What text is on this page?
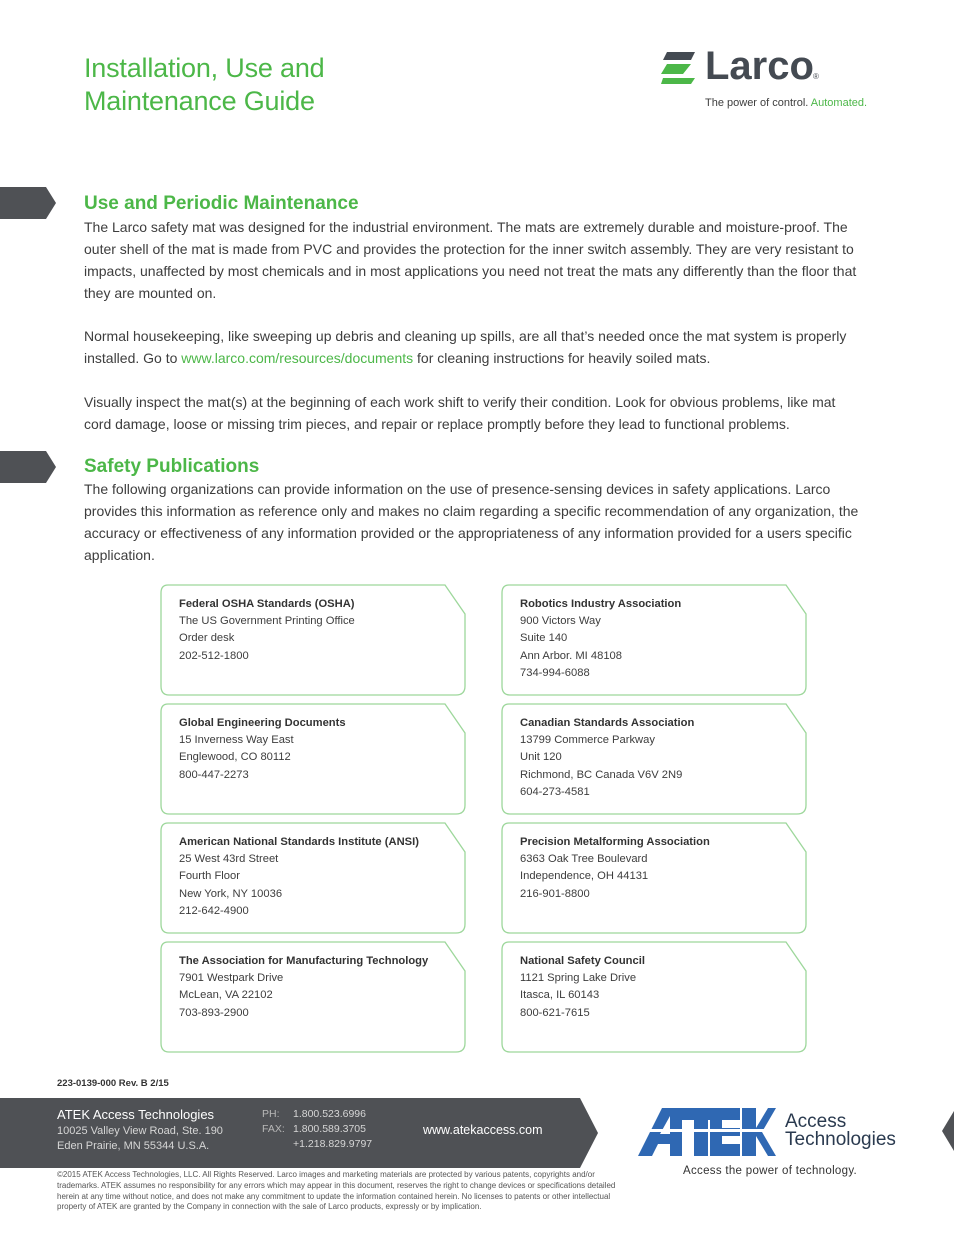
Installation, Use and
Maintenance Guide
Larco ®
The power of control. Automated.
Use and Periodic Maintenance

The Larco safety mat was designed for the industrial environment. The mats are extremely durable and moisture-proof. The outer shell of the mat is made from PVC and provides the protection for the inner switch assembly. They are very resistant to impacts, unaffected by most chemicals and in most applications you need not treat the mats any differently than the floor that they are mounted on.

Normal housekeeping, like sweeping up debris and cleaning up spills, are all that’s needed once the mat system is properly installed. Go to www.larco.com/resources/documents for cleaning instructions for heavily soiled mats.

Visually inspect the mat(s) at the beginning of each work shift to verify their condition. Look for obvious problems, like mat cord damage, loose or missing trim pieces, and repair or replace promptly before they lead to functional problems.

Safety Publications

The following organizations can provide information on the use of presence-sensing devices in safety applications. Larco provides this information as reference only and makes no claim regarding a specific recommendation of any organization, the accuracy or effectiveness of any information provided or the appropriateness of any information provided for a users specific application.

Federal OSHA Standards (OSHA)
The US Government Printing Office
Order desk
202-512-1800
Robotics Industry Association
900 Victors Way
Suite 140
Ann Arbor. MI 48108
734-994-6088
Global Engineering Documents
15 Inverness Way East
Englewood, CO 80112
800-447-2273
Canadian Standards Association
13799 Commerce Parkway
Unit 120
Richmond, BC Canada V6V 2N9
604-273-4581
American National Standards Institute (ANSI)
25 West 43rd Street
Fourth Floor
New York, NY 10036
212-642-4900
Precision Metalforming Association
6363 Oak Tree Boulevard
Independence, OH 44131
216-901-8800
The Association for Manufacturing Technology
7901 Westpark Drive
McLean, VA 22102
703-893-2900
National Safety Council
1121 Spring Lake Drive
Itasca, IL 60143
800-621-7615
223-0139-000 Rev. B 2/15
ATEK Access Technologies
10025 Valley View Road, Ste. 190
Eden Prairie, MN 55344 U.S.A.
PH: 1.800.523.6996
FAX: 1.800.589.3705
+1.218.829.9797
www.atekaccess.com	Access
Technologies
Access the power of technology.

©2015 ATEK Access Technologies, LLC. All Rights Reserved. Larco images and marketing materials are protected by various patents, copyrights and/or trademarks. ATEK assumes no responsibility for any errors which may appear in this document, reserves the right to change devices or specifications detailed herein at any time without notice, and does not make any commitment to update the information contained herein. No licenses to patents or other intellectual property of ATEK are granted by the Company in connection with the sale of Larco products, expressly or by implication.
